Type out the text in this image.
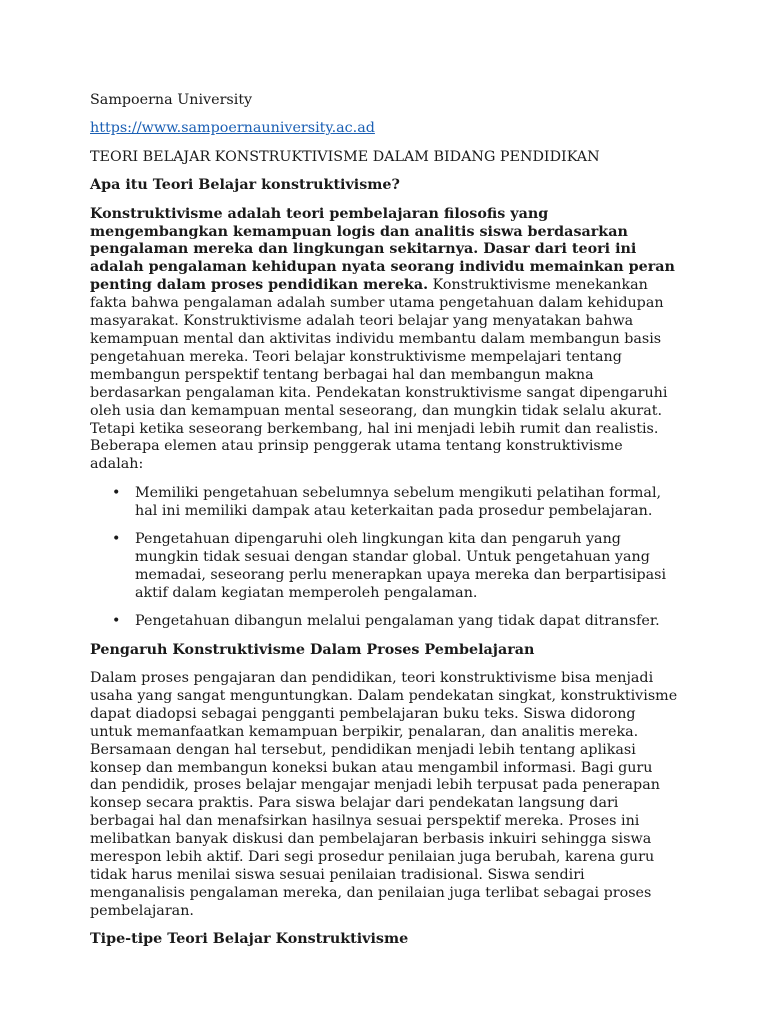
Sampoerna University

https://www.sampoernauniversity.ac.ad

TEORI BELAJAR KONSTRUKTIVISME DALAM BIDANG PENDIDIKAN

Apa itu Teori Belajar konstruktivisme?

Konstruktivisme adalah teori pembelajaran filosofis yang mengembangkan kemampuan logis dan analitis siswa berdasarkan pengalaman mereka dan lingkungan sekitarnya. Dasar dari teori ini adalah pengalaman kehidupan nyata seorang individu memainkan peran penting dalam proses pendidikan mereka. Konstruktivisme menekankan fakta bahwa pengalaman adalah sumber utama pengetahuan dalam kehidupan masyarakat. Konstruktivisme adalah teori belajar yang menyatakan bahwa kemampuan mental dan aktivitas individu membantu dalam membangun basis pengetahuan mereka. Teori belajar konstruktivisme mempelajari tentang membangun perspektif tentang berbagai hal dan membangun makna berdasarkan pengalaman kita. Pendekatan konstruktivisme sangat dipengaruhi oleh usia dan kemampuan mental seseorang, dan mungkin tidak selalu akurat. Tetapi ketika seseorang berkembang, hal ini menjadi lebih rumit dan realistis. Beberapa elemen atau prinsip penggerak utama tentang konstruktivisme adalah:

• Memiliki pengetahuan sebelumnya sebelum mengikuti pelatihan formal, hal ini memiliki dampak atau keterkaitan pada prosedur pembelajaran.
• Pengetahuan dipengaruhi oleh lingkungan kita dan pengaruh yang mungkin tidak sesuai dengan standar global. Untuk pengetahuan yang memadai, seseorang perlu menerapkan upaya mereka dan berpartisipasi aktif dalam kegiatan memperoleh pengalaman.
• Pengetahuan dibangun melalui pengalaman yang tidak dapat ditransfer.

Pengaruh Konstruktivisme Dalam Proses Pembelajaran

Dalam proses pengajaran dan pendidikan, teori konstruktivisme bisa menjadi usaha yang sangat menguntungkan. Dalam pendekatan singkat, konstruktivisme dapat diadopsi sebagai pengganti pembelajaran buku teks. Siswa didorong untuk memanfaatkan kemampuan berpikir, penalaran, dan analitis mereka. Bersamaan dengan hal tersebut, pendidikan menjadi lebih tentang aplikasi konsep dan membangun koneksi bukan atau mengambil informasi. Bagi guru dan pendidik, proses belajar mengajar menjadi lebih terpusat pada penerapan konsep secara praktis. Para siswa belajar dari pendekatan langsung dari berbagai hal dan menafsirkan hasilnya sesuai perspektif mereka. Proses ini melibatkan banyak diskusi dan pembelajaran berbasis inkuiri sehingga siswa merespon lebih aktif. Dari segi prosedur penilaian juga berubah, karena guru tidak harus menilai siswa sesuai penilaian tradisional. Siswa sendiri menganalisis pengalaman mereka, dan penilaian juga terlibat sebagai proses pembelajaran.

Tipe-tipe Teori Belajar Konstruktivisme
